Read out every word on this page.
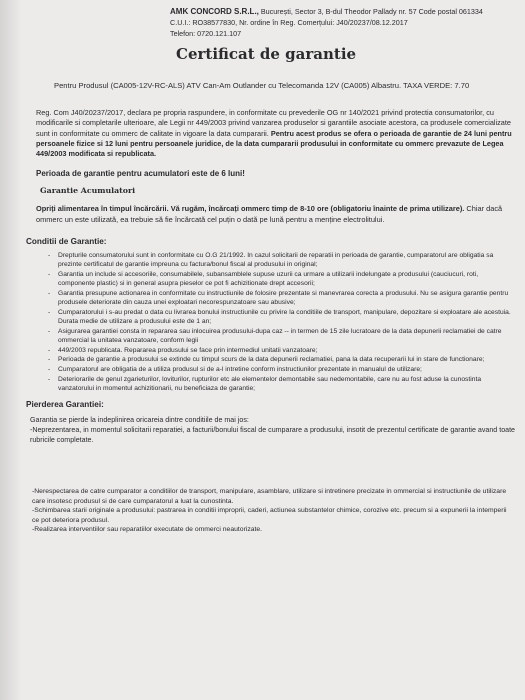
AMK CONCORD S.R.L., București, Sector 3, B-dul Theodor Pallady nr. 57 Code postal 061334
C.U.I.: RO38577830, Nr. ordine în Reg. Comerțului: J40/20237/08.12.2017
Telefon: 0720.121.107
Certificat de garantie
Pentru Produsul (CA005-12V-RC-ALS) ATV Can-Am Outlander cu Telecomanda 12V (CA005) Albastru. TAXA VERDE: 7.70
Reg. Com J40/20237/2017, declara pe propria raspundere, in conformitate cu prevederile OG nr 140/2021 privind protectia consumatorilor, cu modificarile si completarile ulterioare, ale Legii nr 449/2003 privind vanzarea produselor si garantiile asociate acestora, ca produsele comercializate sunt in conformitate cu ommerc de calitate in vigoare la data cumpararii. Pentru acest produs se ofera o perioada de garantie de 24 luni pentru persoanele fizice si 12 luni pentru persoanele juridice, de la data cumpararii produsului in conformitate cu ommerc prevazute de Legea 449/2003 modificata si republicata.
Perioada de garantie pentru acumulatori este de 6 luni!
Garantie Acumulatori
Opriți alimentarea în timpul încărcării. Vă rugăm, încărcați ommerc timp de 8-10 ore (obligatoriu înainte de prima utilizare). Chiar dacă ommerc un este utilizată, ea trebuie să fie încărcată cel puțin o dată pe lună pentru a menține electrolitului.
Conditii de Garantie:
- Drepturile consumatorului sunt in conformitate cu O.G 21/1992. In cazul solicitarii de reparatii in perioada de garantie, cumparatorul are obligatia sa prezinte certificatul de garantie impreuna cu factura/bonul fiscal al produsului in original;
- Garantia un include si accesoriile, consumabilele, subansamblele supuse uzurii ca urmare a utilizarii indelungate a produsului (cauciucuri, roti, componente plastic) si in general asupra pieselor ce pot fi achizitionate drept accesorii;
- Garantia presupune actionarea in conformitate cu instructiunile de folosire prezentate si manevrarea corecta a produsului. Nu se asigura garantie pentru produsele deteriorate din cauza unei exploatari necorespunzatoare sau abusive;
- Cumparatorului i s-au predat o data cu livrarea bonului instructiunile cu privire la conditiile de transport, manipulare, depozitare si exploatare ale acestuia. Durata medie de utilizare a produsului este de 1 an;
- Asigurarea garantiei consta in repararea sau inlocuirea produsului-dupa caz -- in termen de 15 zile lucratoare de la data depunerii reclamatiei de catre ommercial la unitatea vanzatoare, conform legii
- 449/2003 republicata. Repararea produsului se face prin intermediul unitatii vanzatoare;
- Perioada de garantie a produsului se extinde cu timpul scurs de la data depunerii reclamatiei, pana la data recuperarii lui in stare de functionare;
- Cumparatorul are obligatia de a utiliza produsul si de a-l intretine conform instructiunilor prezentate in manualul de utilizare;
- Deteriorarile de genul zgarieturilor, loviturilor, rupturilor etc ale elementelor demontabile sau nedemontabile, care nu au fost aduse la cunostinta vanzatorului in momentul achizitionarii, nu beneficiaza de garantie;
Pierderea Garantiei:

Garantia se pierde la indeplinirea oricareia dintre conditiile de mai jos:

-Neprezentarea, in momentul solicitarii reparatiei, a facturii/bonului fiscal de cumparare a produsului, insotit de prezentul certificate de garantie avand toate rubricile completate.

-Nerespectarea de catre cumparator a conditiilor de transport, manipulare, asamblare, utilizare si intretinere precizate in ommercial si instructiunile de utilizare care insotesc produsul si de care cumparatorul a luat la cunostinta.

-Schimbarea starii originale a produsului: pastrarea in conditii improprii, caderi, actiunea substantelor chimice, corozive etc. precum si a expunerii la intemperii ce pot deteriora produsul.

-Realizarea interventiilor sau reparatiilor executate de ommerci neautorizate.
